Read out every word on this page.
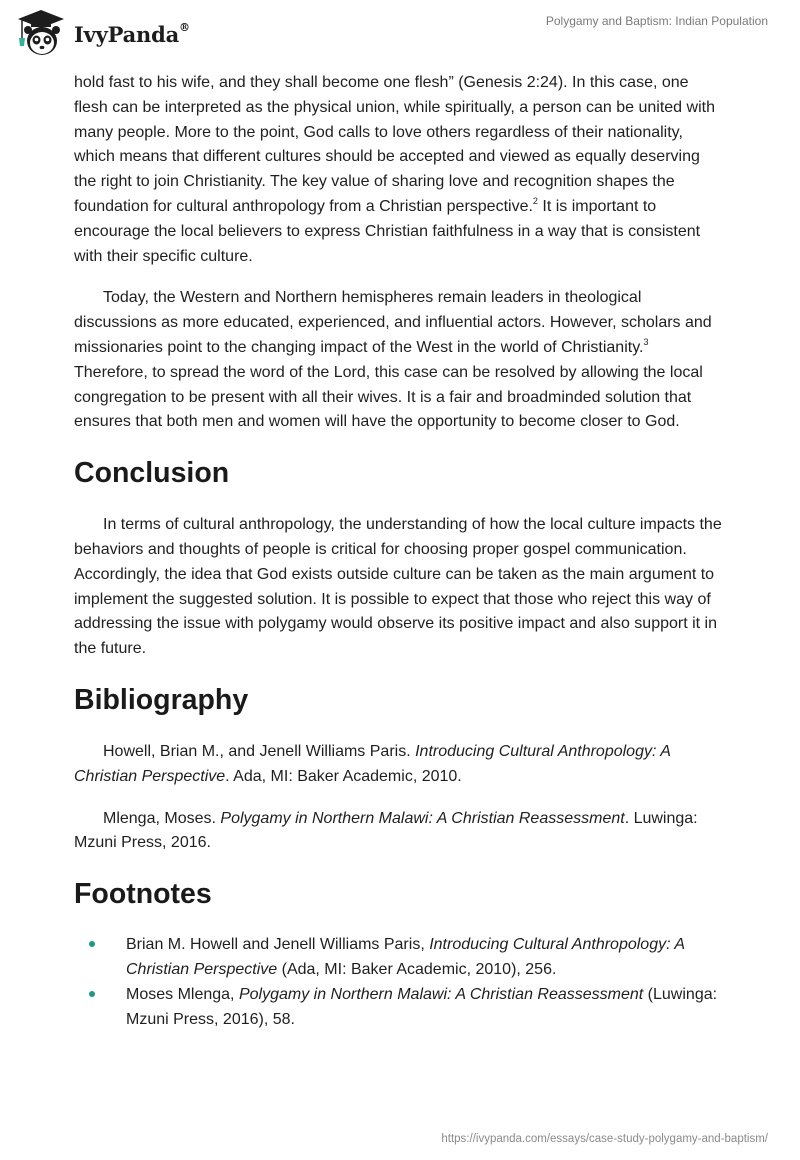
IvyPanda®	Polygamy and Baptism: Indian Population

hold fast to his wife, and they shall become one flesh” (Genesis 2:24). In this case, one flesh can be interpreted as the physical union, while spiritually, a person can be united with many people. More to the point, God calls to love others regardless of their nationality, which means that different cultures should be accepted and viewed as equally deserving the right to join Christianity. The key value of sharing love and recognition shapes the foundation for cultural anthropology from a Christian perspective.$^2$ It is important to encourage the local believers to express Christian faithfulness in a way that is consistent with their specific culture.

Today, the Western and Northern hemispheres remain leaders in theological discussions as more educated, experienced, and influential actors. However, scholars and missionaries point to the changing impact of the West in the world of Christianity.$^3$ Therefore, to spread the word of the Lord, this case can be resolved by allowing the local congregation to be present with all their wives. It is a fair and broadminded solution that ensures that both men and women will have the opportunity to become closer to God.

Conclusion

In terms of cultural anthropology, the understanding of how the local culture impacts the behaviors and thoughts of people is critical for choosing proper gospel communication. Accordingly, the idea that God exists outside culture can be taken as the main argument to implement the suggested solution. It is possible to expect that those who reject this way of addressing the issue with polygamy would observe its positive impact and also support it in the future.

Bibliography

Howell, Brian M., and Jenell Williams Paris. Introducing Cultural Anthropology: A Christian Perspective. Ada, MI: Baker Academic, 2010.

Mlenga, Moses. Polygamy in Northern Malawi: A Christian Reassessment. Luwinga: Mzuni Press, 2016.

Footnotes
Brian M. Howell and Jenell Williams Paris, Introducing Cultural Anthropology: A Christian Perspective (Ada, MI: Baker Academic, 2010), 256.
Moses Mlenga, Polygamy in Northern Malawi: A Christian Reassessment (Luwinga: Mzuni Press, 2016), 58.
https://ivypanda.com/essays/case-study-polygamy-and-baptism/
